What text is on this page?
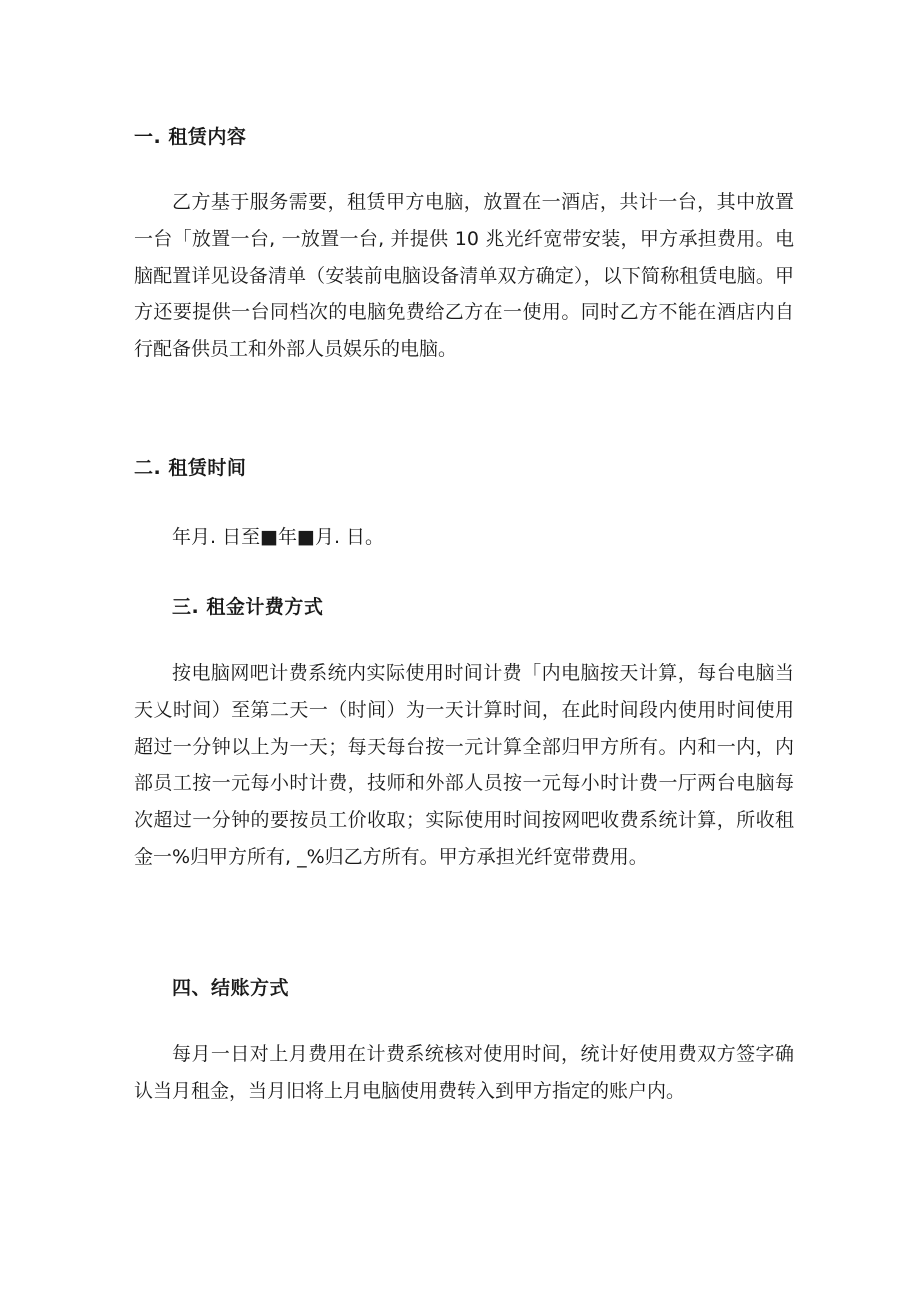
一. 租赁内容

乙方基于服务需要，租赁甲方电脑，放置在一酒店，共计一台，其中放置一台「放置一台, 一放置一台, 并提供 10 兆光纤宽带安装，甲方承担费用。电脑配置详见设备清单（安装前电脑设备清单双方确定），以下简称租赁电脑。甲方还要提供一台同档次的电脑免费给乙方在一使用。同时乙方不能在酒店内自行配备供员工和外部人员娱乐的电脑。

二. 租赁时间
年月. 日至■年■月. 日。
三. 租金计费方式

按电脑网吧计费系统内实际使用时间计费「内电脑按天计算，每台电脑当天乂时间）至第二天一（时间）为一天计算时间，在此时间段内使用时间使用超过一分钟以上为一天；每天每台按一元计算全部归甲方所有。内和一内，内部员工按一元每小时计费，技师和外部人员按一元每小时计费一厅两台电脑每次超过一分钟的要按员工价收取；实际使用时间按网吧收费系统计算，所收租金一%归甲方所有, _%归乙方所有。甲方承担光纤宽带费用。

四、结账方式

每月一日对上月费用在计费系统核对使用时间，统计好使用费双方签字确认当月租金，当月旧将上月电脑使用费转入到甲方指定的账户内。
